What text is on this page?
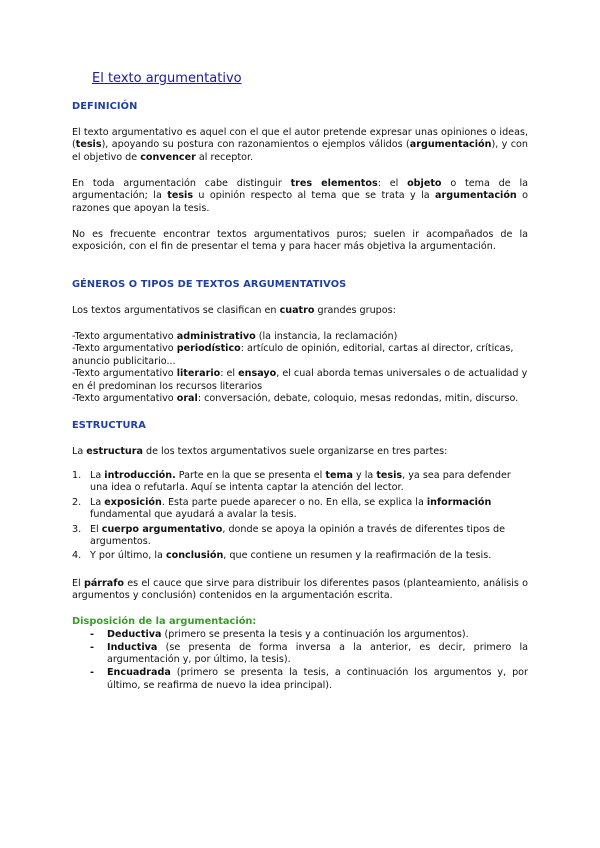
El texto argumentativo
DEFINICIÓN
El texto argumentativo es aquel con el que el autor pretende expresar unas opiniones o ideas, (tesis), apoyando su postura con razonamientos o ejemplos válidos (argumentación), y con el objetivo de convencer al receptor.
En toda argumentación cabe distinguir tres elementos: el objeto o tema de la argumentación; la tesis u opinión respecto al tema que se trata y la argumentación o razones que apoyan la tesis.
No es frecuente encontrar textos argumentativos puros; suelen ir acompañados de la exposición, con el fin de presentar el tema y para hacer más objetiva la argumentación.
GÉNEROS O TIPOS DE TEXTOS ARGUMENTATIVOS
Los textos argumentativos se clasifican en cuatro grandes grupos:
-Texto argumentativo administrativo (la instancia, la reclamación)
-Texto argumentativo periodístico: artículo de opinión, editorial, cartas al director, críticas, anuncio publicitario...
-Texto argumentativo literario: el ensayo, el cual aborda temas universales o de actualidad y en él predominan los recursos literarios
-Texto argumentativo oral: conversación, debate, coloquio, mesas redondas, mitin, discurso.
ESTRUCTURA
La estructura de los textos argumentativos suele organizarse en tres partes:
1. La introducción. Parte en la que se presenta el tema y la tesis, ya sea para defender una idea o refutarla. Aquí se intenta captar la atención del lector.
2. La exposición. Esta parte puede aparecer o no. En ella, se explica la información fundamental que ayudará a avalar la tesis.
3. El cuerpo argumentativo, donde se apoya la opinión a través de diferentes tipos de argumentos.
4. Y por último, la conclusión, que contiene un resumen y la reafirmación de la tesis.
El párrafo es el cauce que sirve para distribuir los diferentes pasos (planteamiento, análisis o argumentos y conclusión) contenidos en la argumentación escrita.
Disposición de la argumentación:
- Deductiva (primero se presenta la tesis y a continuación los argumentos).
- Inductiva (se presenta de forma inversa a la anterior, es decir, primero la argumentación y, por último, la tesis).
- Encuadrada (primero se presenta la tesis, a continuación los argumentos y, por último, se reafirma de nuevo la idea principal).
